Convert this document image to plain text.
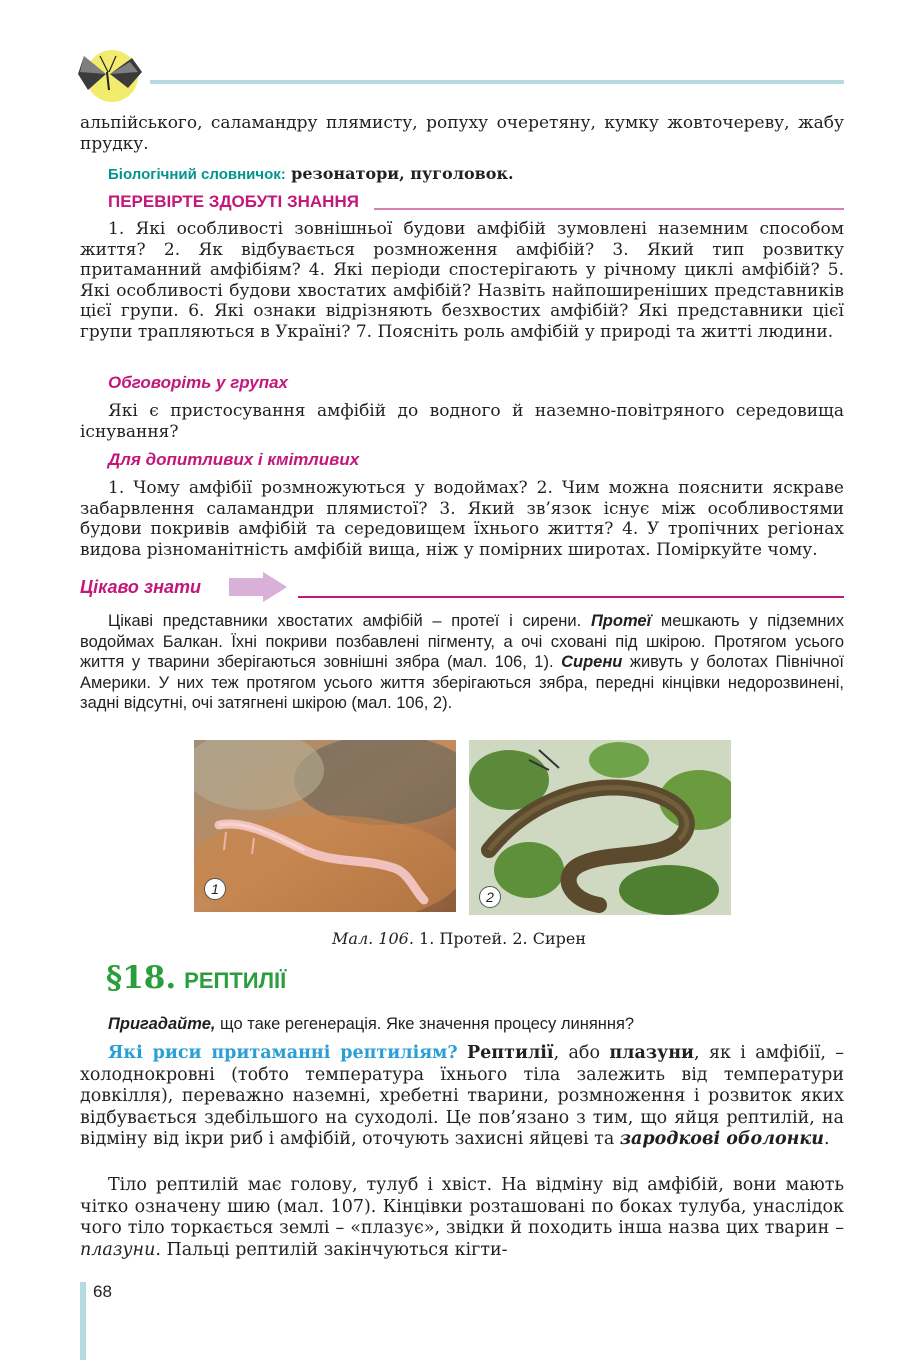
альпійського, саламандру плямисту, ропуху очеретяну, кумку жовточереву, жабу прудку.
Біологічний словничок: резонатори, пуголовок.
ПЕРЕВІРТЕ ЗДОБУТІ ЗНАННЯ
1. Які особливості зовнішньої будови амфібій зумовлені наземним способом життя? 2. Як відбувається розмноження амфібій? 3. Який тип розвитку притаманний амфібіям? 4. Які періоди спостерігають у річному циклі амфібій? 5. Які особливості будови хвостатих амфібій? Назвіть найпоширеніших представників цієї групи. 6. Які ознаки відрізняють безхвостих амфібій? Які представники цієї групи трапляються в Україні? 7. Поясніть роль амфібій у природі та житті людини.
Обговоріть у групах
Які є пристосування амфібій до водного й наземно-повітряного середовища існування?
Для допитливих і кмітливих
1. Чому амфібії розмножуються у водоймах? 2. Чим можна пояснити яскраве забарвлення саламандри плямистої? 3. Який зв’язок існує між особливостями будови покривів амфібій та середовищем їхнього життя? 4. У тропічних регіонах видова різноманітність амфібій вища, ніж у помірних широтах. Поміркуйте чому.
Цікаво знати
Цікаві представники хвостатих амфібій – протеї і сирени. Протеї мешкають у підземних водоймах Балкан. Їхні покриви позбавлені пігменту, а очі сховані під шкірою. Протягом усього життя у тварини зберігаються зовнішні зябра (мал. 106, 1). Сирени живуть у болотах Північної Америки. У них теж протягом усього життя зберігаються зябра, передні кінцівки недорозвинені, задні відсутні, очі затягнені шкірою (мал. 106, 2).
1	2
Мал. 106. 1. Протей. 2. Сирен
§18. РЕПТИЛІЇ
Пригадайте, що таке регенерація. Яке значення процесу линяння?
Які риси притаманні рептиліям? Рептилії, або плазуни, як і амфібії, – холоднокровні (тобто температура їхнього тіла залежить від температури довкілля), переважно наземні, хребетні тварини, розмноження і розвиток яких відбувається здебільшого на суходолі. Це пов’язано з тим, що яйця рептилій, на відміну від ікри риб і амфібій, оточують захисні яйцеві та зародкові оболонки.
Тіло рептилій має голову, тулуб і хвіст. На відміну від амфібій, вони мають чітко означену шию (мал. 107). Кінцівки розташовані по боках тулуба, унаслідок чого тіло торкається землі – «плазує», звідки й походить інша назва цих тварин – плазуни. Пальці рептилій закінчуються кігти-
68
